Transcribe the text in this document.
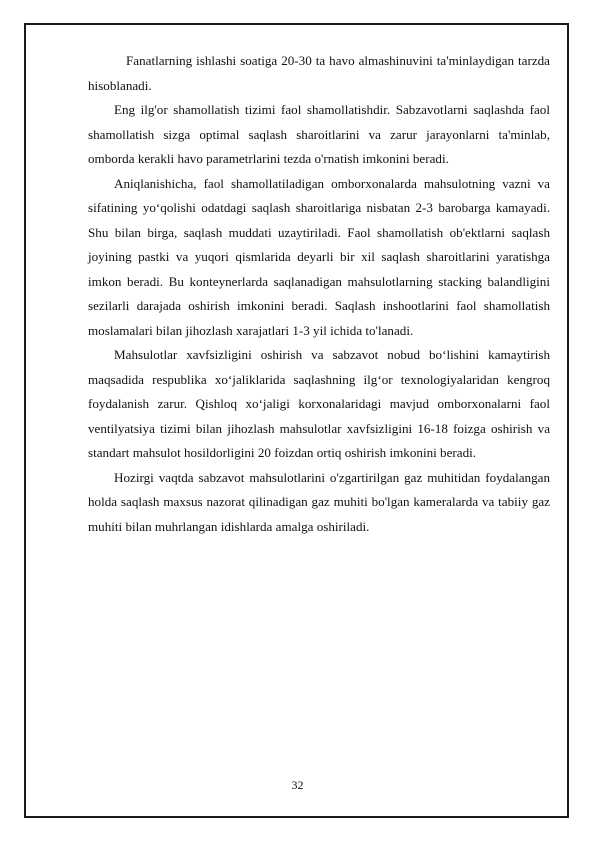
Fanatlarning ishlashi soatiga 20-30 ta havo almashinuvini ta'minlaydigan tarzda hisoblanadi.

Eng ilg'or shamollatish tizimi faol shamollatishdir. Sabzavotlarni saqlashda faol shamollatish sizga optimal saqlash sharoitlarini va zarur jarayonlarni ta'minlab, omborda kerakli havo parametrlarini tezda o'rnatish imkonini beradi.

Aniqlanishicha, faol shamollatiladigan omborxonalarda mahsulotning vazni va sifatining yo‘qolishi odatdagi saqlash sharoitlariga nisbatan 2-3 barobarga kamayadi. Shu bilan birga, saqlash muddati uzaytiriladi. Faol shamollatish ob'ektlarni saqlash joyining pastki va yuqori qismlarida deyarli bir xil saqlash sharoitlarini yaratishga imkon beradi. Bu konteynerlarda saqlanadigan mahsulotlarning stacking balandligini sezilarli darajada oshirish imkonini beradi. Saqlash inshootlarini faol shamollatish moslamalari bilan jihozlash xarajatlari 1-3 yil ichida to'lanadi.

Mahsulotlar xavfsizligini oshirish va sabzavot nobud bo‘lishini kamaytirish maqsadida respublika xo‘jaliklarida saqlashning ilg‘or texnologiyalaridan kengroq foydalanish zarur. Qishloq xo‘jaligi korxonalaridagi mavjud omborxonalarni faol ventilyatsiya tizimi bilan jihozlash mahsulotlar xavfsizligini 16-18 foizga oshirish va standart mahsulot hosildorligini 20 foizdan ortiq oshirish imkonini beradi.

Hozirgi vaqtda sabzavot mahsulotlarini o'zgartirilgan gaz muhitidan foydalangan holda saqlash maxsus nazorat qilinadigan gaz muhiti bo'lgan kameralarda va tabiiy gaz muhiti bilan muhrlangan idishlarda amalga oshiriladi.

32
